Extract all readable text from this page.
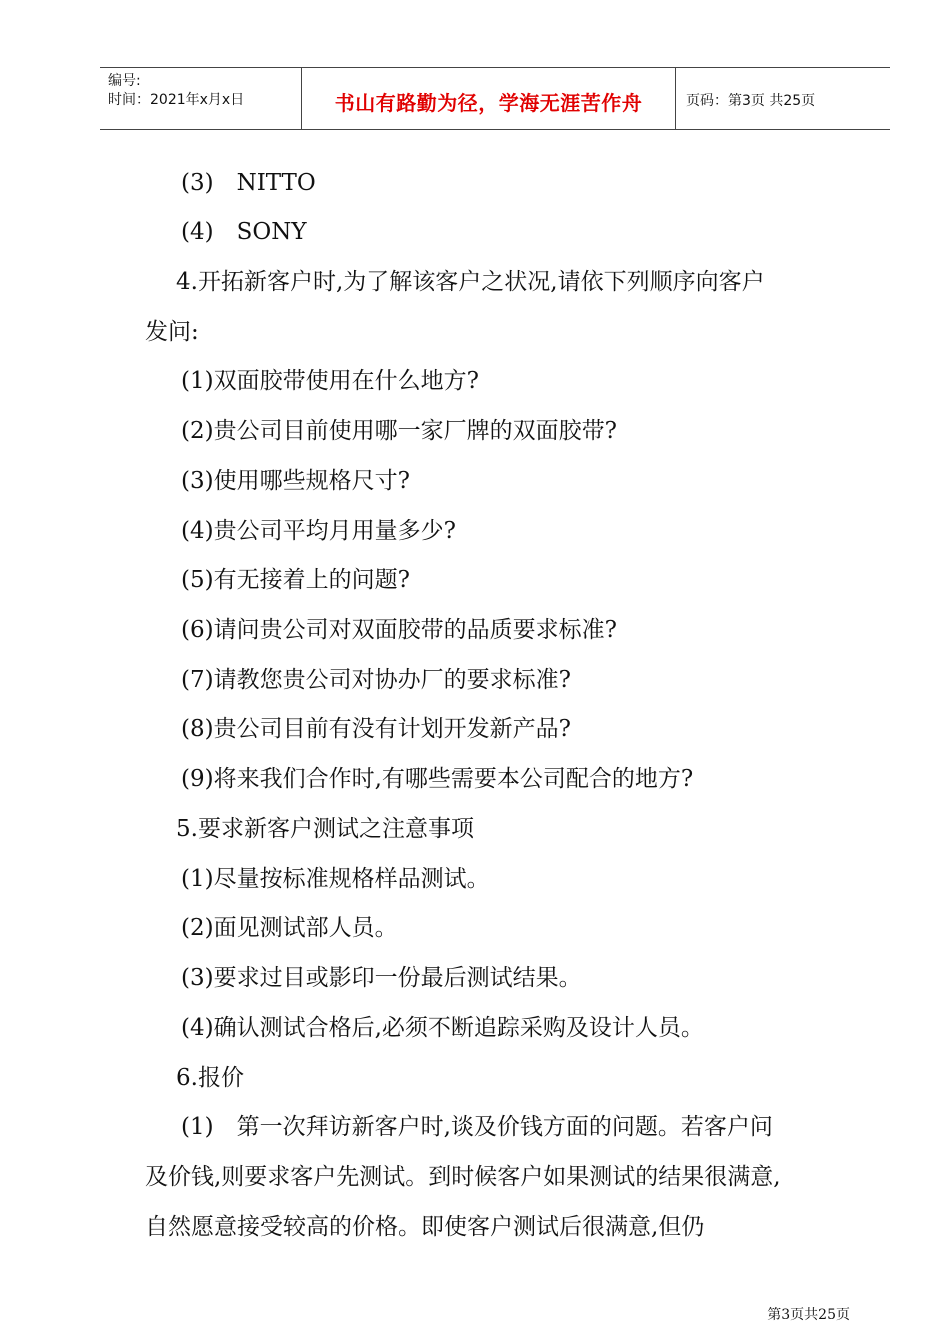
编号:
时间：2021年x月x日	书山有路勤为径，学海无涯苦作舟	页码：第3页 共25页
(3)　NITTO
(4)　SONY
4.开拓新客户时,为了解该客户之状况,请依下列顺序向客户
发问:
(1)双面胶带使用在什么地方?
(2)贵公司目前使用哪一家厂牌的双面胶带?
(3)使用哪些规格尺寸?
(4)贵公司平均月用量多少?
(5)有无接着上的问题?
(6)请问贵公司对双面胶带的品质要求标准?
(7)请教您贵公司对协办厂的要求标准?
(8)贵公司目前有没有计划开发新产品?
(9)将来我们合作时,有哪些需要本公司配合的地方?
5.要求新客户测试之注意事项
(1)尽量按标准规格样品测试。
(2)面见测试部人员。
(3)要求过目或影印一份最后测试结果。
(4)确认测试合格后,必须不断追踪采购及设计人员。
6.报价
(1)　第一次拜访新客户时,谈及价钱方面的问题。若客户问
及价钱,则要求客户先测试。到时候客户如果测试的结果很满意,
自然愿意接受较高的价格。即使客户测试后很满意,但仍
第3页共25页
